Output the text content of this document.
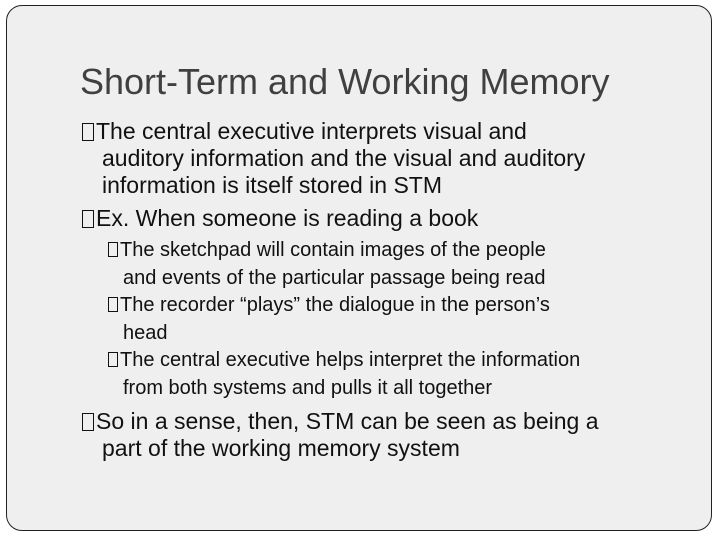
Short-Term and Working Memory

The central executive interprets visual and
auditory information and the visual and auditory
information is itself stored in STM

Ex. When someone is reading a book

The sketchpad will contain images of the people
and events of the particular passage being read

The recorder “plays” the dialogue in the person’s
head

The central executive helps interpret the information
from both systems and pulls it all together

So in a sense, then, STM can be seen as being a
part of the working memory system
